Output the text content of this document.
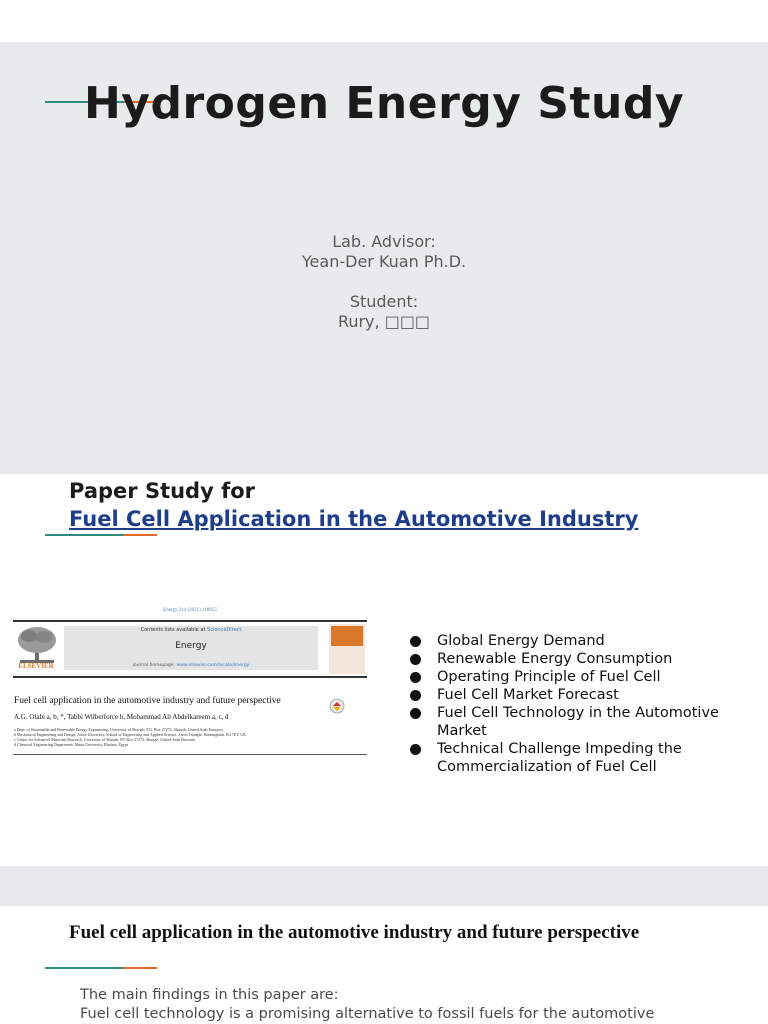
Hydrogen Energy Study
Lab. Advisor:
Yean-Der Kuan Ph.D.
Student:
Rury, □□□
Paper Study for
Fuel Cell Application in the Automotive Industry
Energy 214 (2021) 118955
ELSEVIER
Contents lists available at ScienceDirect
Energy
journal homepage: www.elsevier.com/locate/energy
Fuel cell application in the automotive industry and future perspective
A.G. Olabi a, b, *, Tabbi Wilberforce b, Mohammad Ali Abdelkareem a, c, d
a Dept. of Sustainable and Renewable Energy Engineering, University of Sharjah, P.O. Box 27272, Sharjah, United Arab Emirates
b Mechanical Engineering and Design, Aston University, School of Engineering and Applied Science, Aston Triangle, Birmingham, B4 7ET, UK
c Center for Advanced Materials Research, University of Sharjah, PO Box 27272, Sharjah, United Arab Emirates
d Chemical Engineering Department, Minia University, Elminia, Egypt
Global Energy Demand
Renewable Energy Consumption
Operating Principle of Fuel Cell
Fuel Cell Market Forecast
Fuel Cell Technology in the Automotive Market
Technical Challenge Impeding the Commercialization of Fuel Cell
Fuel cell application in the automotive industry and future perspective
The main findings in this paper are:
Fuel cell technology is a promising alternative to fossil fuels for the automotive
